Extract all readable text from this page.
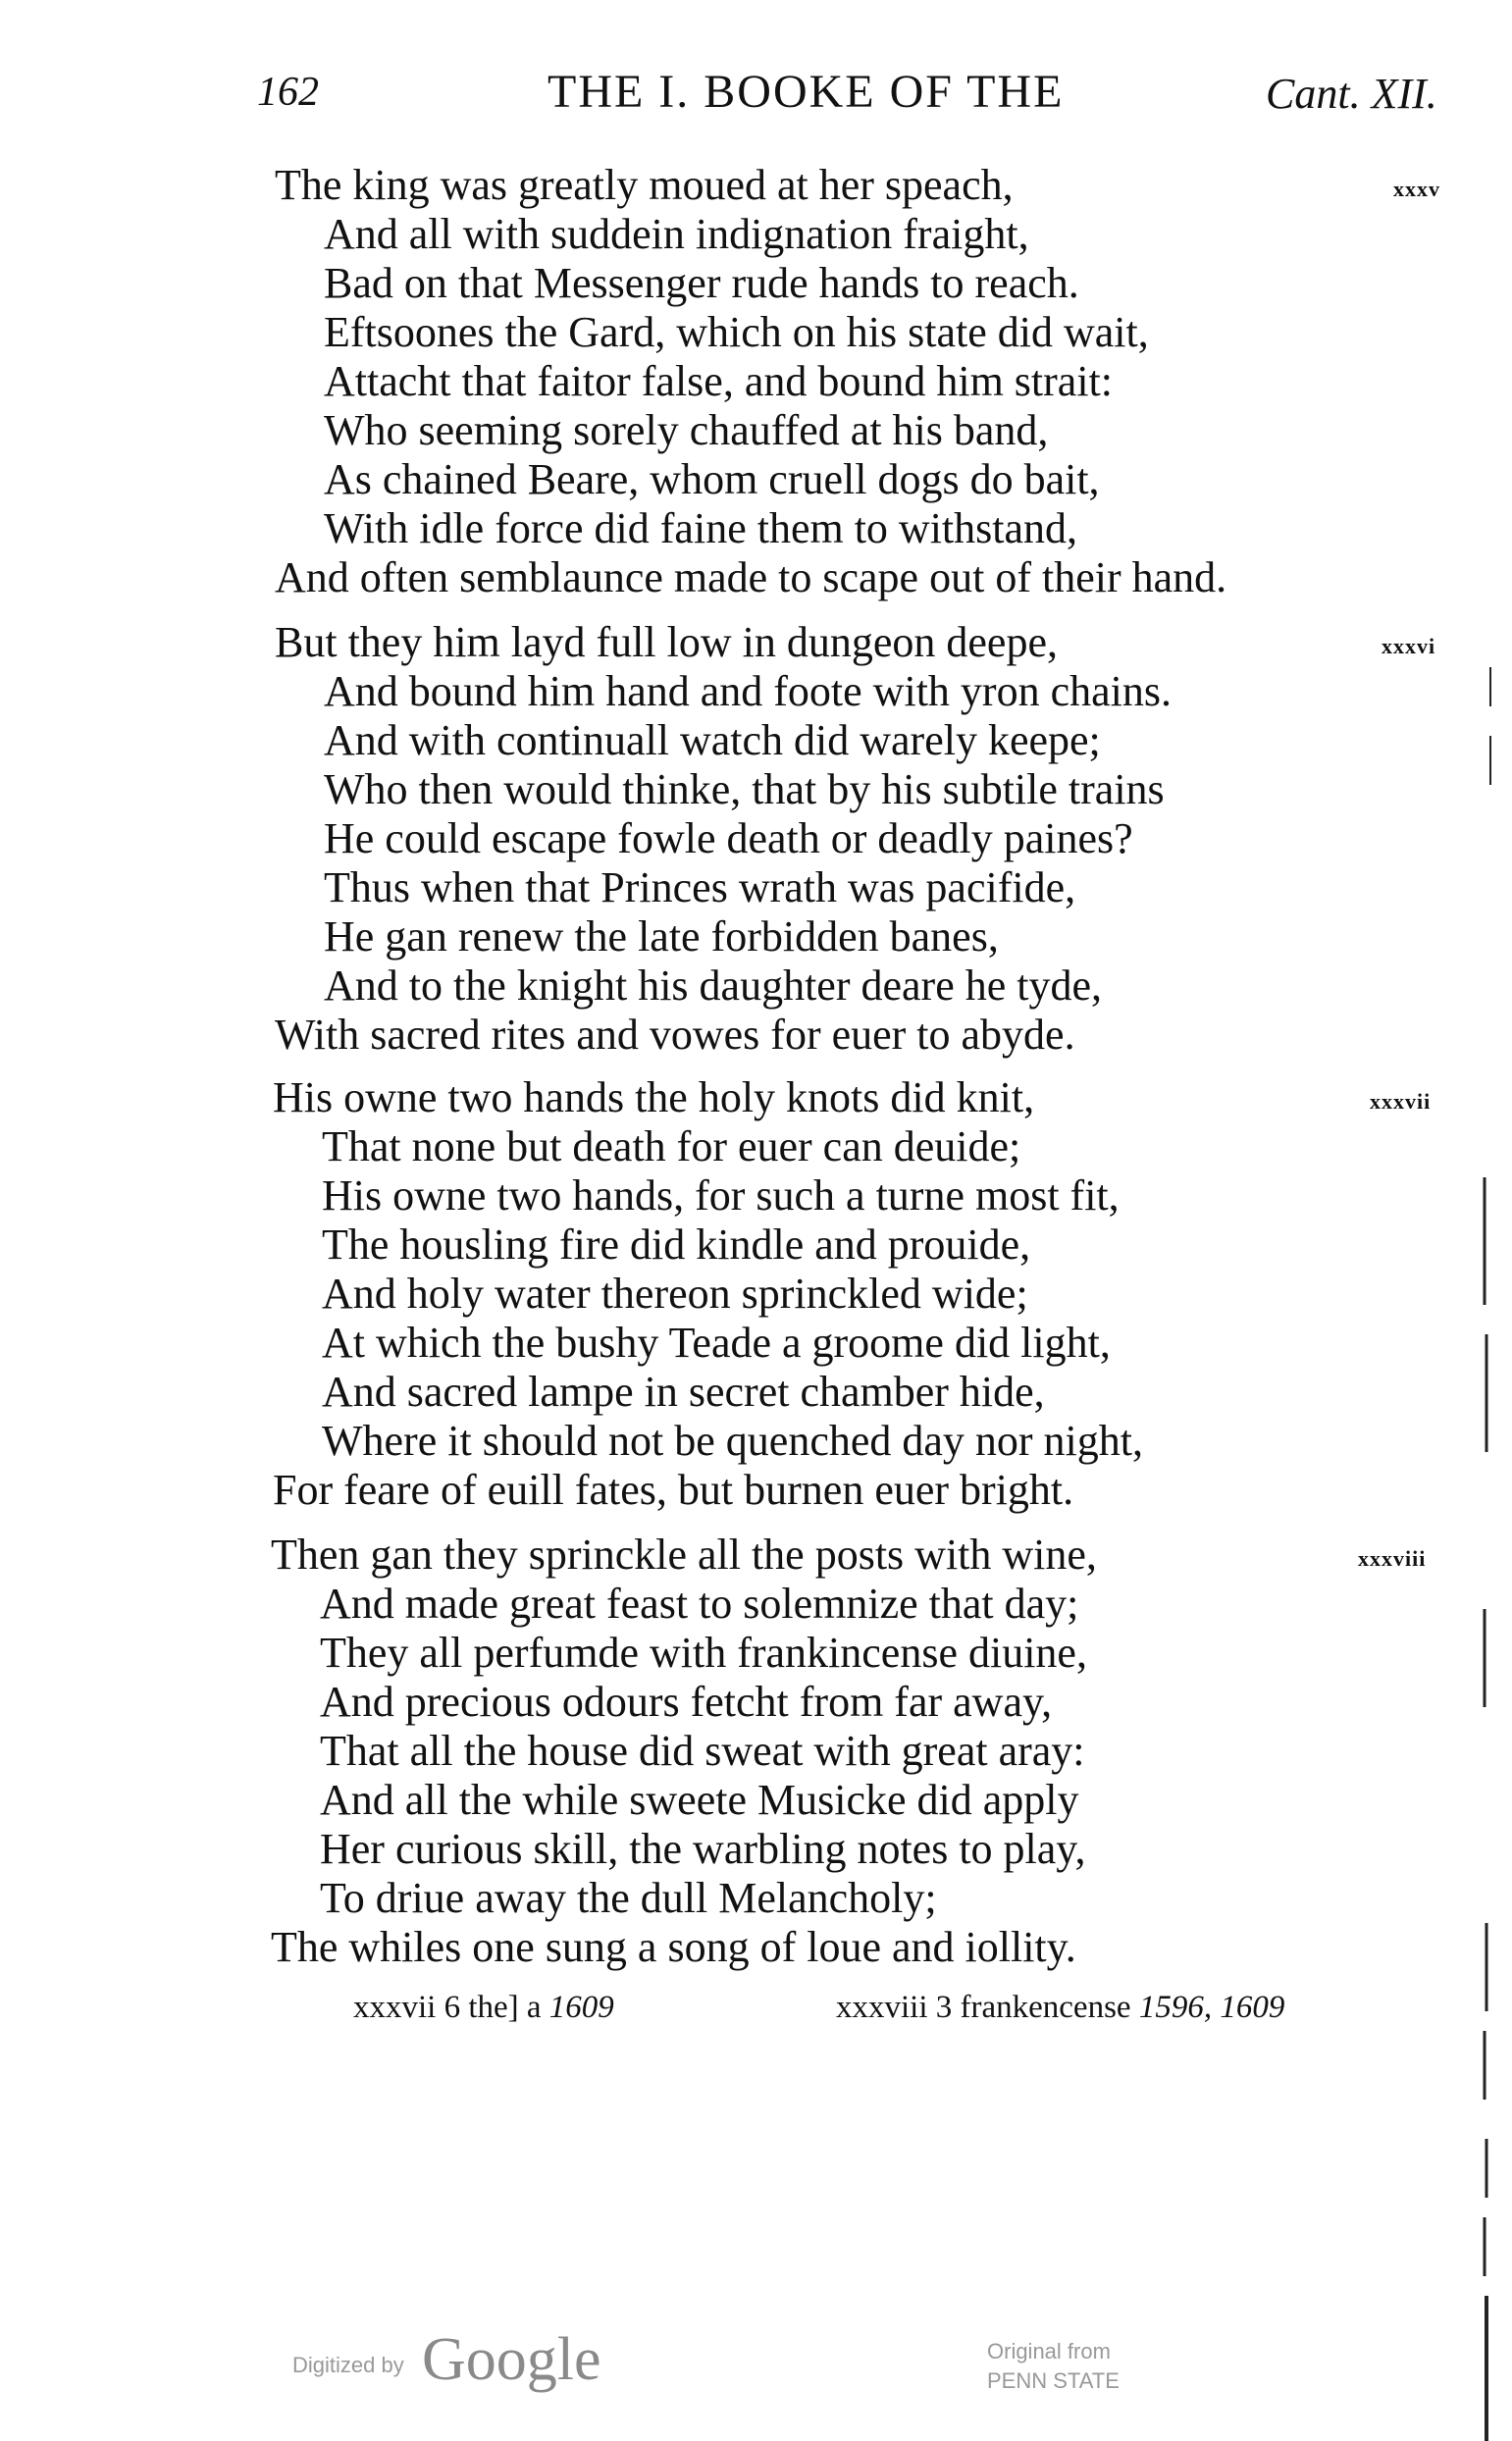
162	THE I. BOOKE OF THE	Cant. XII.
xxxv
The king was greatly moued at her speach,
And all with suddein indignation fraight,
Bad on that Messenger rude hands to reach.
Eftsoones the Gard, which on his state did wait,
Attacht that faitor false, and bound him strait:
Who seeming sorely chauffed at his band,
As chained Beare, whom cruell dogs do bait,
With idle force did faine them to withstand,
And often semblaunce made to scape out of their hand.
xxxvi
But they him layd full low in dungeon deepe,
And bound him hand and foote with yron chains.
And with continuall watch did warely keepe;
Who then would thinke, that by his subtile trains
He could escape fowle death or deadly paines?
Thus when that Princes wrath was pacifide,
He gan renew the late forbidden banes,
And to the knight his daughter deare he tyde,
With sacred rites and vowes for euer to abyde.
xxxvii
His owne two hands the holy knots did knit,
That none but death for euer can deuide;
His owne two hands, for such a turne most fit,
The housling fire did kindle and prouide,
And holy water thereon sprinckled wide;
At which the bushy Teade a groome did light,
And sacred lampe in secret chamber hide,
Where it should not be quenched day nor night,
For feare of euill fates, but burnen euer bright.
xxxviii
Then gan they sprinckle all the posts with wine,
And made great feast to solemnize that day;
They all perfumde with frankincense diuine,
And precious odours fetcht from far away,
That all the house did sweat with great aray:
And all the while sweete Musicke did apply
Her curious skill, the warbling notes to play,
To driue away the dull Melancholy;
The whiles one sung a song of loue and iollity.
xxxvii 6 the] a 1609	xxxviii 3 frankencense 1596, 1609
Digitized by Google	Original from
PENN STATE
